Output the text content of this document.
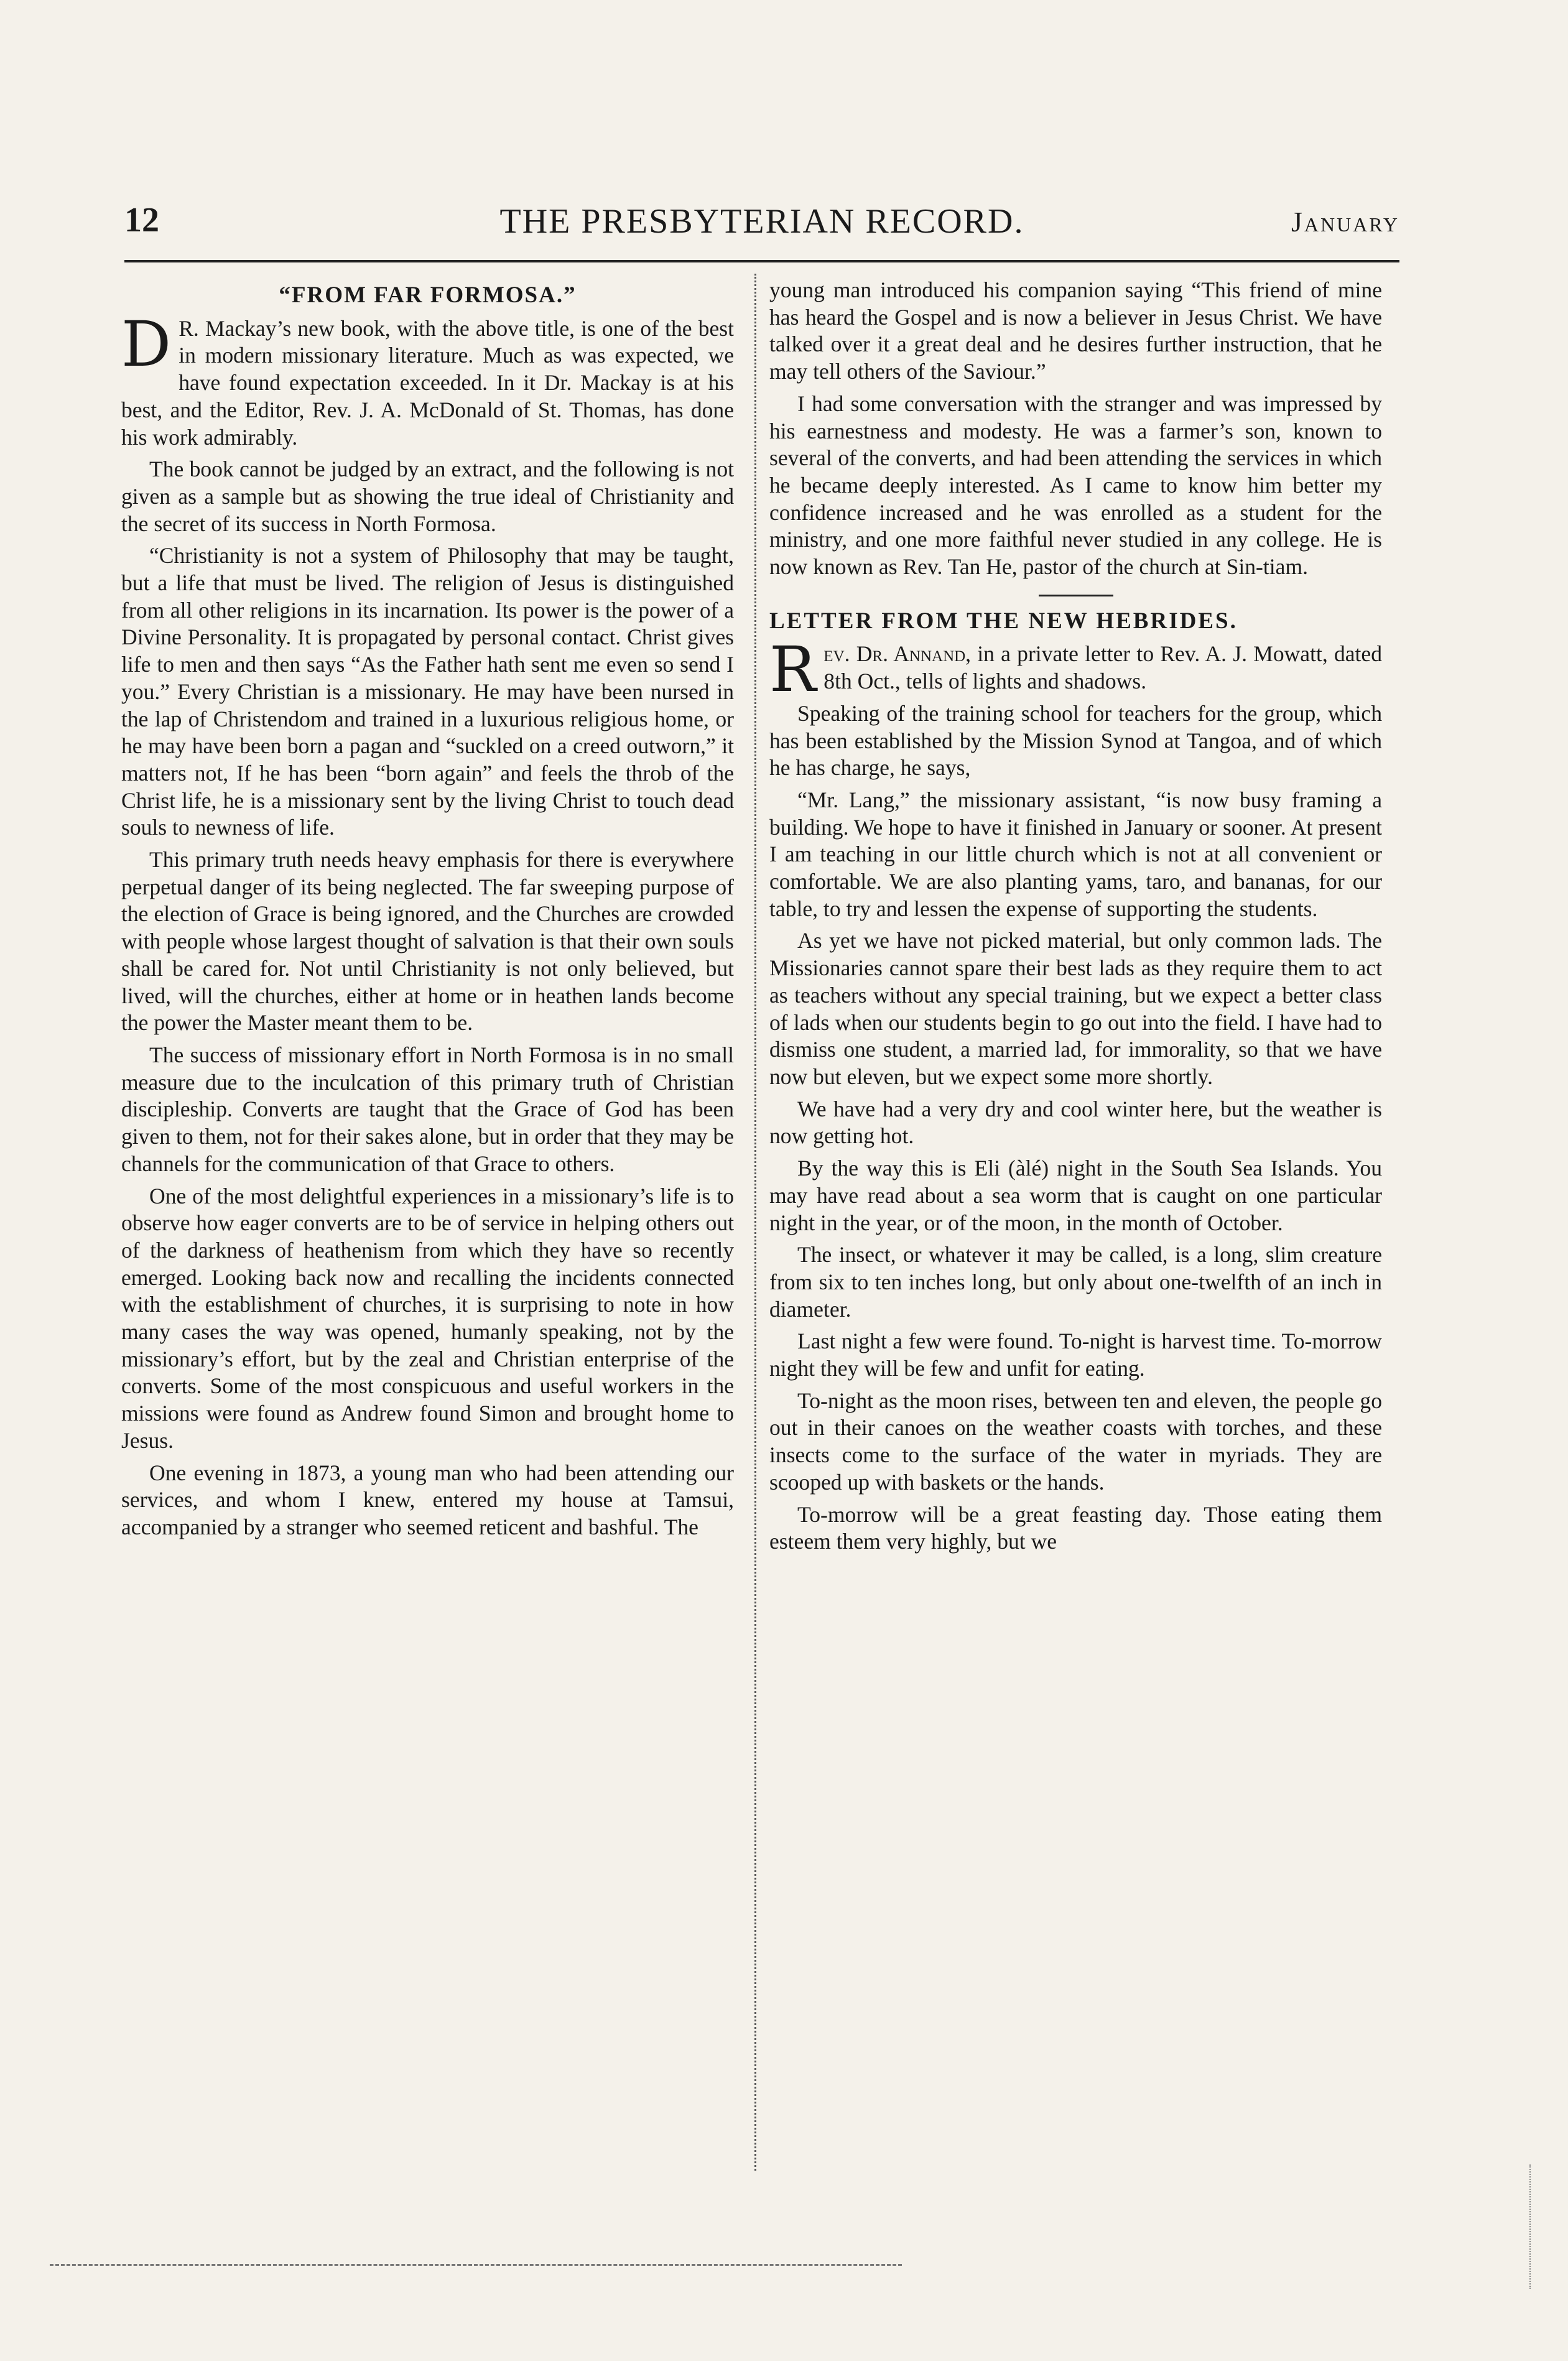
12	THE PRESBYTERIAN RECORD.	January
“FROM FAR FORMOSA.”

D R. Mackay’s new book, with the above title, is one of the best in modern missionary literature. Much as was expected, we have found expectation exceeded. In it Dr. Mackay is at his best, and the Editor, Rev. J. A. McDonald of St. Thomas, has done his work admirably.

The book cannot be judged by an extract, and the following is not given as a sample but as showing the true ideal of Christianity and the secret of its success in North Formosa.

“Christianity is not a system of Philosophy that may be taught, but a life that must be lived. The religion of Jesus is distinguished from all other religions in its incarnation. Its power is the power of a Divine Personality. It is propagated by personal contact. Christ gives life to men and then says “As the Father hath sent me even so send I you.” Every Christian is a missionary. He may have been nursed in the lap of Christendom and trained in a luxurious religious home, or he may have been born a pagan and “suckled on a creed outworn,” it matters not, If he has been “born again” and feels the throb of the Christ life, he is a missionary sent by the living Christ to touch dead souls to newness of life.

This primary truth needs heavy emphasis for there is everywhere perpetual danger of its being neglected. The far sweeping purpose of the election of Grace is being ignored, and the Churches are crowded with people whose largest thought of salvation is that their own souls shall be cared for. Not until Christianity is not only believed, but lived, will the churches, either at home or in heathen lands become the power the Master meant them to be.

The success of missionary effort in North Formosa is in no small measure due to the inculcation of this primary truth of Christian discipleship. Converts are taught that the Grace of God has been given to them, not for their sakes alone, but in order that they may be channels for the communication of that Grace to others.

One of the most delightful experiences in a missionary’s life is to observe how eager converts are to be of service in helping others out of the darkness of heathenism from which they have so recently emerged. Looking back now and recalling the incidents connected with the establishment of churches, it is surprising to note in how many cases the way was opened, humanly speaking, not by the missionary’s effort, but by the zeal and Christian enterprise of the converts. Some of the most conspicuous and useful workers in the missions were found as Andrew found Simon and brought home to Jesus.

One evening in 1873, a young man who had been attending our services, and whom I knew, entered my house at Tamsui, accompanied by a stranger who seemed reticent and bashful. The

young man introduced his companion saying “This friend of mine has heard the Gospel and is now a believer in Jesus Christ. We have talked over it a great deal and he desires further instruction, that he may tell others of the Saviour.”

I had some conversation with the stranger and was impressed by his earnestness and modesty. He was a farmer’s son, known to several of the converts, and had been attending the services in which he became deeply interested. As I came to know him better my confidence increased and he was enrolled as a student for the ministry, and one more faithful never studied in any college. He is now known as Rev. Tan He, pastor of the church at Sin-tiam.

LETTER FROM THE NEW HEBRIDES.

Rev. Dr. Annand, in a private letter to Rev. A. J. Mowatt, dated 8th Oct., tells of lights and shadows.

Speaking of the training school for teachers for the group, which has been established by the Mission Synod at Tangoa, and of which he has charge, he says,

“Mr. Lang,” the missionary assistant, “is now busy framing a building. We hope to have it finished in January or sooner. At present I am teaching in our little church which is not at all convenient or comfortable. We are also planting yams, taro, and bananas, for our table, to try and lessen the expense of supporting the students.

As yet we have not picked material, but only common lads. The Missionaries cannot spare their best lads as they require them to act as teachers without any special training, but we expect a better class of lads when our students begin to go out into the field. I have had to dismiss one student, a married lad, for immorality, so that we have now but eleven, but we expect some more shortly.

We have had a very dry and cool winter here, but the weather is now getting hot.

By the way this is Eli (àlé) night in the South Sea Islands. You may have read about a sea worm that is caught on one particular night in the year, or of the moon, in the month of October.

The insect, or whatever it may be called, is a long, slim creature from six to ten inches long, but only about one-twelfth of an inch in diameter.

Last night a few were found. To-night is harvest time. To-morrow night they will be few and unfit for eating.

To-night as the moon rises, between ten and eleven, the people go out in their canoes on the weather coasts with torches, and these insects come to the surface of the water in myriads. They are scooped up with baskets or the hands.

To-morrow will be a great feasting day. Those eating them esteem them very highly, but we
